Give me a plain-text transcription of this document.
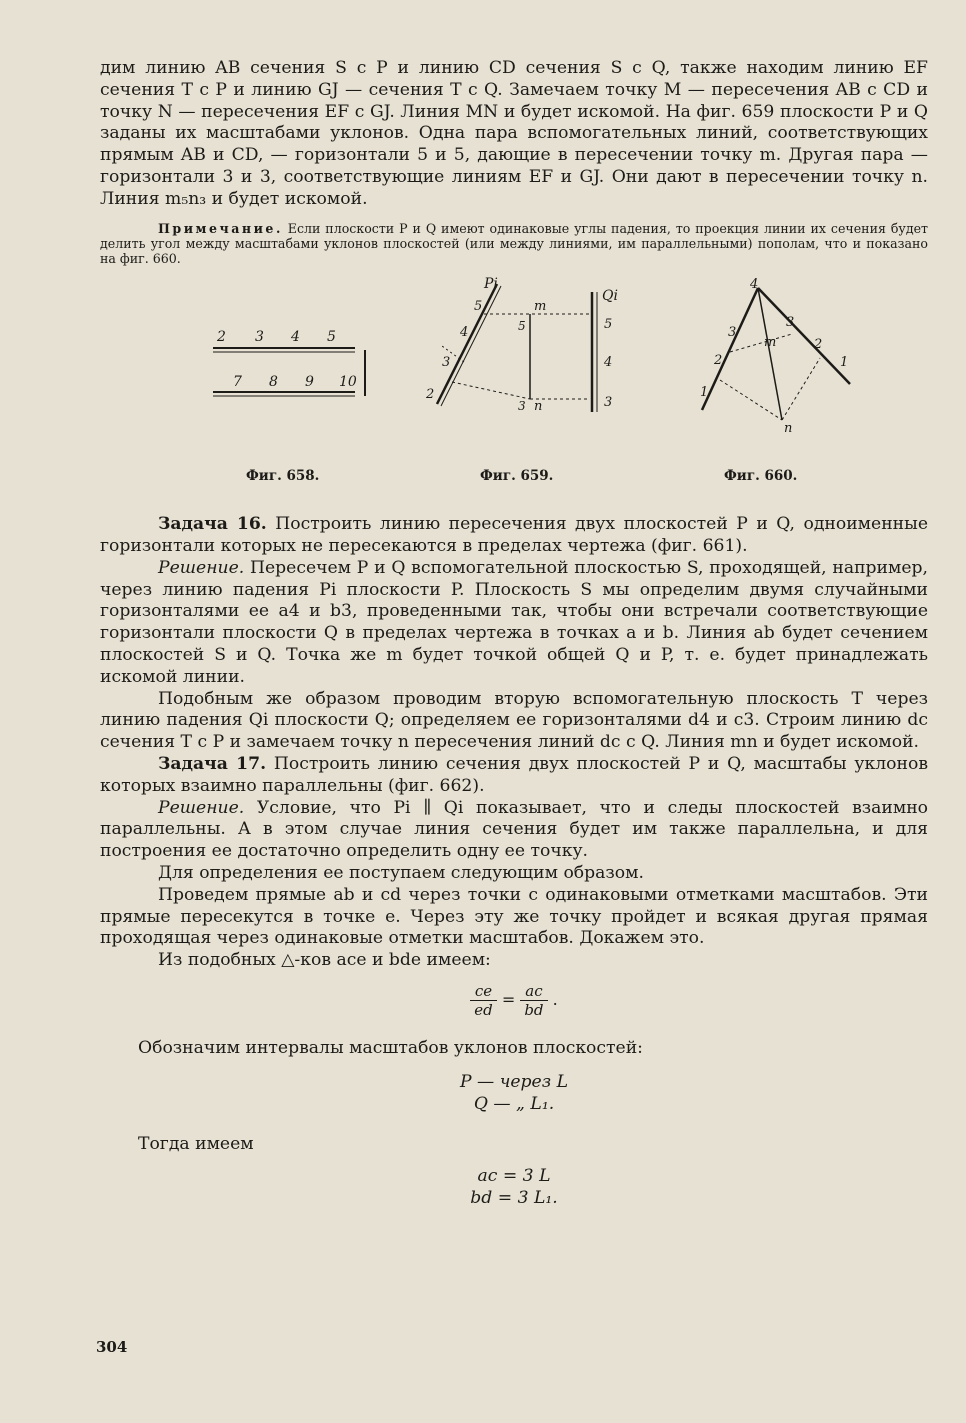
дим линию AB сечения S с P и линию CD сечения S с Q, также находим линию EF сечения T с P и линию GJ — сечения T с Q. Замечаем точку M — пересечения AB с CD и точку N — пересечения EF с GJ. Линия MN и будет искомой. На фиг. 659 плоскости P и Q заданы их масштабами уклонов. Одна пара вспомогательных линий, соответствующих прямым AB и CD, — горизонтали 5 и 5, дающие в пересечении точку m. Другая пара — горизонтали 3 и 3, соответствующие линиям EF и GJ. Они дают в пересечении точку n. Линия m₅n₃ и будет искомой.

Примечание. Если плоскости P и Q имеют одинаковые углы падения, то проекция линии их сечения будет делить угол между масштабами уклонов плоскостей (или между линиями, им параллельными) пополам, что и показано на фиг. 660.

2 3 4 5
7 8 9 10
Pi
Qi
m
n
5
4
3
2
5
4
3
5
3
4
3
2
1
3
2
1
m
n
Фиг. 658.	Фиг. 659.	Фиг. 660.

Задача 16. Построить линию пересечения двух плоскостей P и Q, одноименные горизонтали которых не пересекаются в пределах чертежа (фиг. 661).

Решение. Пересечем P и Q вспомогательной плоскостью S, проходящей, например, через линию падения Pi плоскости P. Плоскость S мы определим двумя случайными горизонталями ее a4 и b3, проведенными так, чтобы они встречали соответствующие горизонтали плоскости Q в пределах чертежа в точках a и b. Линия ab будет сечением плоскостей S и Q. Точка же m будет точкой общей Q и P, т. е. будет принадлежать искомой линии.

Подобным же образом проводим вторую вспомогательную плоскость T через линию падения Qi плоскости Q; определяем ее горизонталями d4 и c3. Строим линию dc сечения T с P и замечаем точку n пересечения линий dc с Q. Линия mn и будет искомой.

Задача 17. Построить линию сечения двух плоскостей P и Q, масштабы уклонов которых взаимно параллельны (фиг. 662).

Решение. Условие, что Pi ∥ Qi показывает, что и следы плоскостей взаимно параллельны. А в этом случае линия сечения будет им также параллельна, и для построения ее достаточно определить одну ее точку.

Для определения ее поступаем следующим образом.

Проведем прямые ab и cd через точки с одинаковыми отметками масштабов. Эти прямые пересекутся в точке e. Через эту же точку пройдет и всякая другая прямая проходящая через одинаковые отметки масштабов. Докажем это.

Из подобных △-ков ace и bde имеем:

$\frac{ce}{ed} = \frac{ac}{bd}$ .

Обозначим интервалы масштабов уклонов плоскостей:

P — через L
Q — „ L₁.

Тогда имеем

ac = 3 L
bd = 3 L₁.
304
